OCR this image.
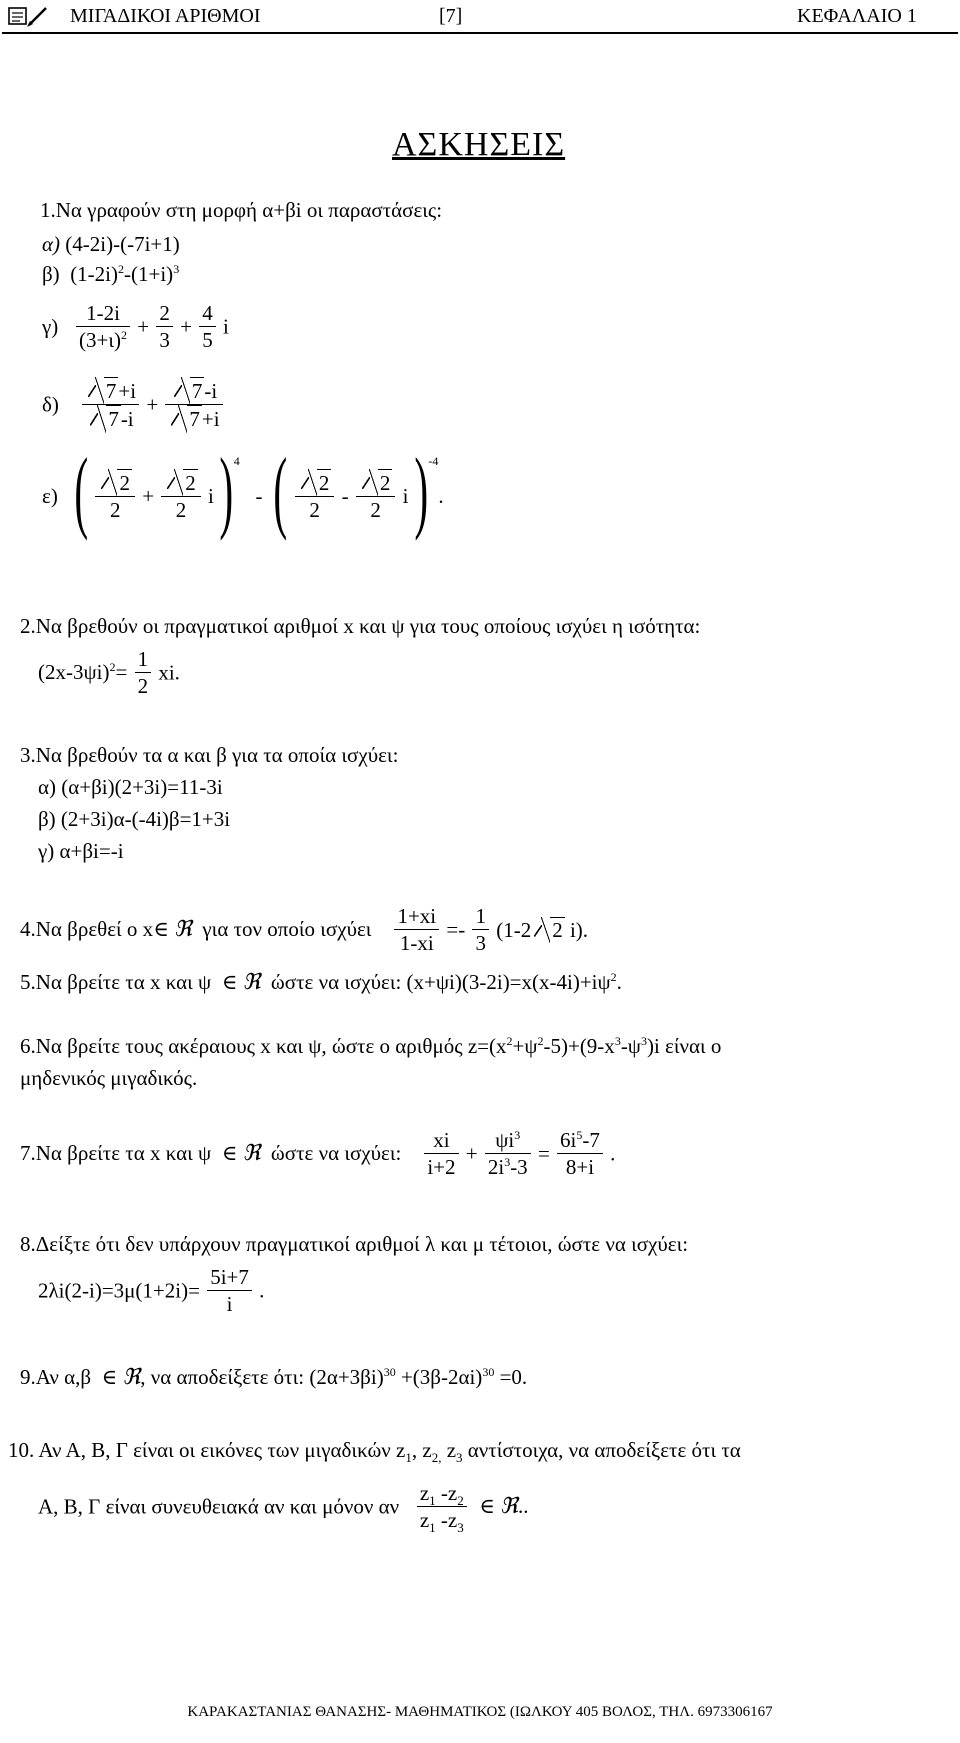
ΜΙΓΑΔΙΚΟΙ ΑΡΙΘΜΟΙ	[7]	ΚΕΦΑΛΑΙΟ 1
ΑΣΚΗΣΕΙΣ
1.Να γραφούν στη μορφή α+βi οι παραστάσεις:
α) (4-2i)-(-7i+1)
β) $(1-2i)^2-(1+i)^3$
$\gamma) \frac{1-2i}{(3+\iota)^2} + \frac{2}{3} + \frac{4}{5}$ i
$\delta) \frac{7+i}{7-i} + \frac{7-i}{7+i}$
ε) ( $\frac{2}{2} + \frac{2}{2}$ i )$^4$   - ( $\frac{2}{2} - \frac{2}{2}$ i )$^{-4}$.
2.Να βρεθούν οι πραγματικοί αριθμοί x και ψ για τους οποίους ισχύει η ισότητα:
$(2x-3\psi i)^2= \frac{1}{2}$ xi.
3.Να βρεθούν τα α και β για τα οποία ισχύει:
α) (α+βi)(2+3i)=11-3i
β) (2+3i)α-(-4i)β=1+3i
γ) α+βi=-i
4.Να βρεθεί ο x∈ ℜ για τον οποίο ισχύει $\frac{1+xi}{1-xi} =- \frac{1}{3} (1-2$ 2 i).
5.Να βρείτε τα x και ψ ∈ ℜ ώστε να ισχύει: $(x+\psi i)(3-2i)=x(x-4i)+i\psi^2$.
6.Να βρείτε τους ακέραιους x και ψ, ώστε ο αριθμός $z=(x^2+\psi^2-5)+(9-x^3-\psi^3)i$ είναι ο
μηδενικός μιγαδικός.
7.Να βρείτε τα x και ψ ∈ ℜ ώστε να ισχύει: $\frac{xi}{i+2} + \frac{\psi i^3}{2i^3-3} = \frac{6i^5-7}{8+i}$ .
8.Δείξτε ότι δεν υπάρχουν πραγματικοί αριθμοί λ και μ τέτοιοι, ώστε να ισχύει:
$2\lambda i(2-i)=3\mu(1+2i)= \frac{5i+7}{i}$ .
9.Αν α,β ∈ ℜ, να αποδείξετε ότι: $(2\alpha+3\beta i)^{30} +(3\beta-2\alpha i)^{30} =0$.
10. Αν Α, Β, Γ είναι οι εικόνες των μιγαδικών $z_1$, $z_{2,}$ $z_3$ αντίστοιχα, να αποδείξετε ότι τα
Α, Β, Γ είναι συνευθειακά αν και μόνον αν $\frac{z_1 -z_2}{z_1 -z_3}$ ∈ ℜ..
ΚΑΡΑΚΑΣΤΑΝΙΑΣ ΘΑΝΑΣΗΣ- ΜΑΘΗΜΑΤΙΚΟΣ (ΙΩΛΚΟΥ 405 ΒΟΛΟΣ, ΤΗΛ. 6973306167
